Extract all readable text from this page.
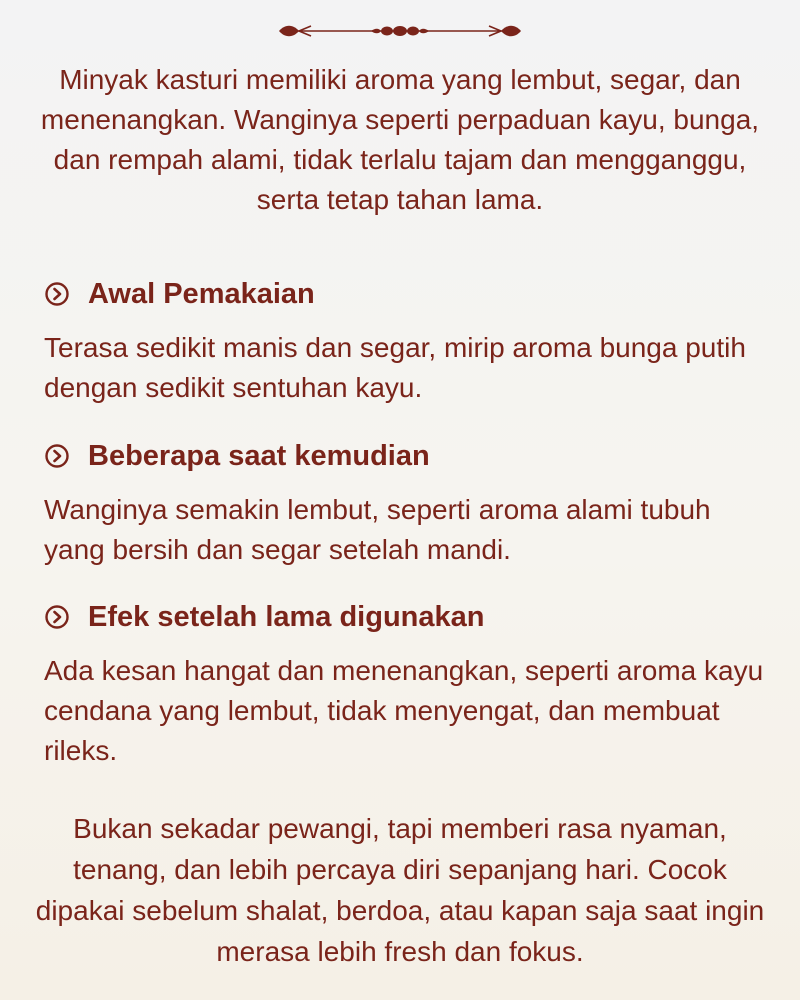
Minyak kasturi memiliki aroma yang lembut, segar, dan menenangkan. Wanginya seperti perpaduan kayu, bunga, dan rempah alami, tidak terlalu tajam dan mengganggu, serta tetap tahan lama.
Awal Pemakaian
Terasa sedikit manis dan segar, mirip aroma bunga putih dengan sedikit sentuhan kayu.
Beberapa saat kemudian
Wanginya semakin lembut, seperti aroma alami tubuh yang bersih dan segar setelah mandi.
Efek setelah lama digunakan
Ada kesan hangat dan menenangkan, seperti aroma kayu cendana yang lembut, tidak menyengat, dan membuat rileks.
Bukan sekadar pewangi, tapi memberi rasa nyaman, tenang, dan lebih percaya diri sepanjang hari. Cocok dipakai sebelum shalat, berdoa, atau kapan saja saat ingin merasa lebih fresh dan fokus.
